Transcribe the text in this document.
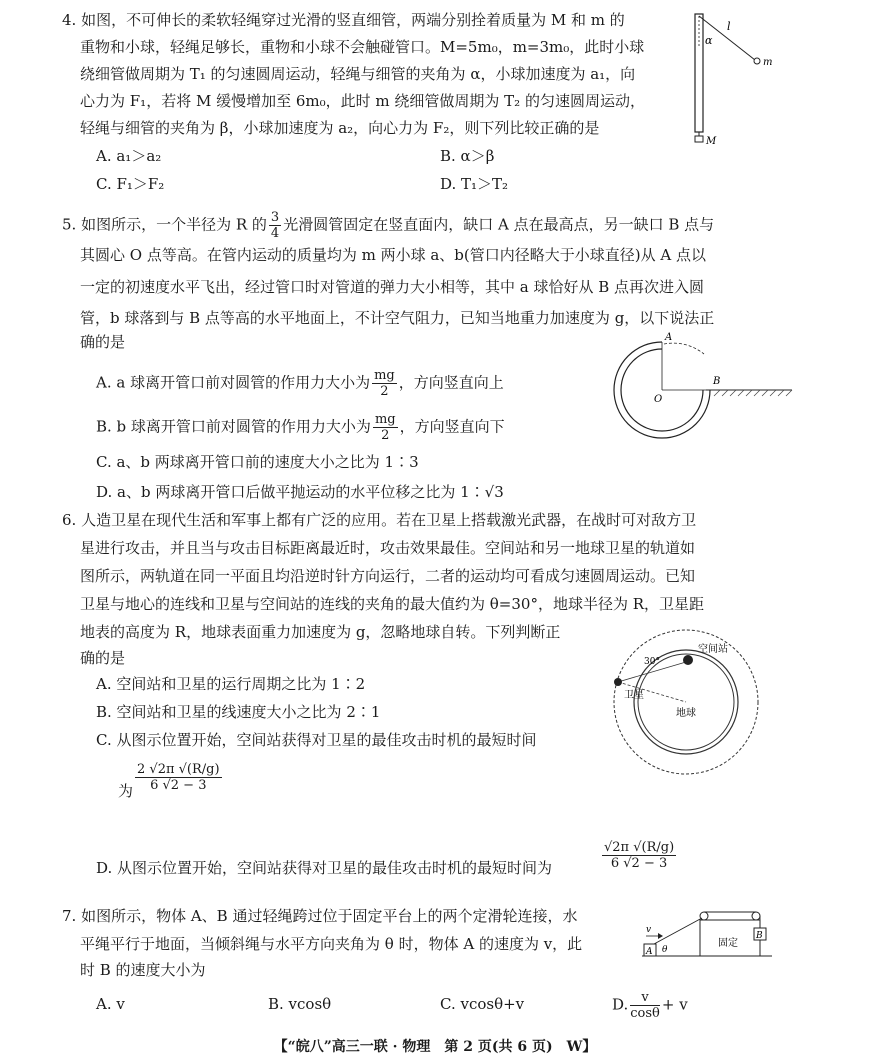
4. 如图，不可伸长的柔软轻绳穿过光滑的竖直细管，两端分别拴着质量为 M 和 m 的
重物和小球，轻绳足够长，重物和小球不会触碰管口。M=5m₀，m=3m₀，此时小球
绕细管做周期为 T₁ 的匀速圆周运动，轻绳与细管的夹角为 α，小球加速度为 a₁，向
心力为 F₁，若将 M 缓慢增加至 6m₀，此时 m 绕细管做周期为 T₂ 的匀速圆周运动，
轻绳与细管的夹角为 β，小球加速度为 a₂，向心力为 F₂，则下列比较正确的是
A. a₁＞a₂	B. α＞β
C. F₁＞F₂	D. T₁＞T₂
l
α
m
M
5. 如图所示，一个半径为 R 的 $\frac{3}{4}$ 光滑圆管固定在竖直面内，缺口 A 点在最高点，另一缺口 B 点与
其圆心 O 点等高。在管内运动的质量均为 m 两小球 a、b(管口内径略大于小球直径)从 A 点以
一定的初速度水平飞出，经过管口时对管道的弹力大小相等，其中 a 球恰好从 B 点再次进入圆
管，b 球落到与 B 点等高的水平地面上，不计空气阻力，已知当地重力加速度为 g，以下说法正
确的是
A. a 球离开管口前对圆管的作用力大小为 $\frac{mg}{2}$ ，方向竖直向上
B. b 球离开管口前对圆管的作用力大小为 $\frac{mg}{2}$ ，方向竖直向下
C. a、b 两球离开管口前的速度大小之比为 1∶3
D. a、b 两球离开管口后做平抛运动的水平位移之比为 1∶√3
A
B
O
6. 人造卫星在现代生活和军事上都有广泛的应用。若在卫星上搭载激光武器，在战时可对敌方卫
星进行攻击，并且当与攻击目标距离最近时，攻击效果最佳。空间站和另一地球卫星的轨道如
图所示，两轨道在同一平面且均沿逆时针方向运行，二者的运动均可看成匀速圆周运动。已知
卫星与地心的连线和卫星与空间站的连线的夹角的最大值约为 θ=30°，地球半径为 R，卫星距
地表的高度为 R，地球表面重力加速度为 g，忽略地球自转。下列判断正
确的是
A. 空间站和卫星的运行周期之比为 1∶2
B. 空间站和卫星的线速度大小之比为 2∶1
C. 从图示位置开始，空间站获得对卫星的最佳攻击时机的最短时间
为 $\frac{2 √2\pi √(R/g)}{6 √2 - 3}$
D. 从图示位置开始，空间站获得对卫星的最佳攻击时机的最短时间为	$\frac{√2\pi √(R/g)}{6 √2 - 3}$
30°
空间站
卫星
地球
7. 如图所示，物体 A、B 通过轻绳跨过位于固定平台上的两个定滑轮连接，水
平绳平行于地面，当倾斜绳与水平方向夹角为 θ 时，物体 A 的速度为 v，此
时 B 的速度大小为
A. v	B. vcosθ	C. vcosθ+v	D. $\frac{v}{\cos\theta} + v$
v
A θ
固定
B
【“皖八”高三一联 · 物理　第 2 页(共 6 页)　W】
